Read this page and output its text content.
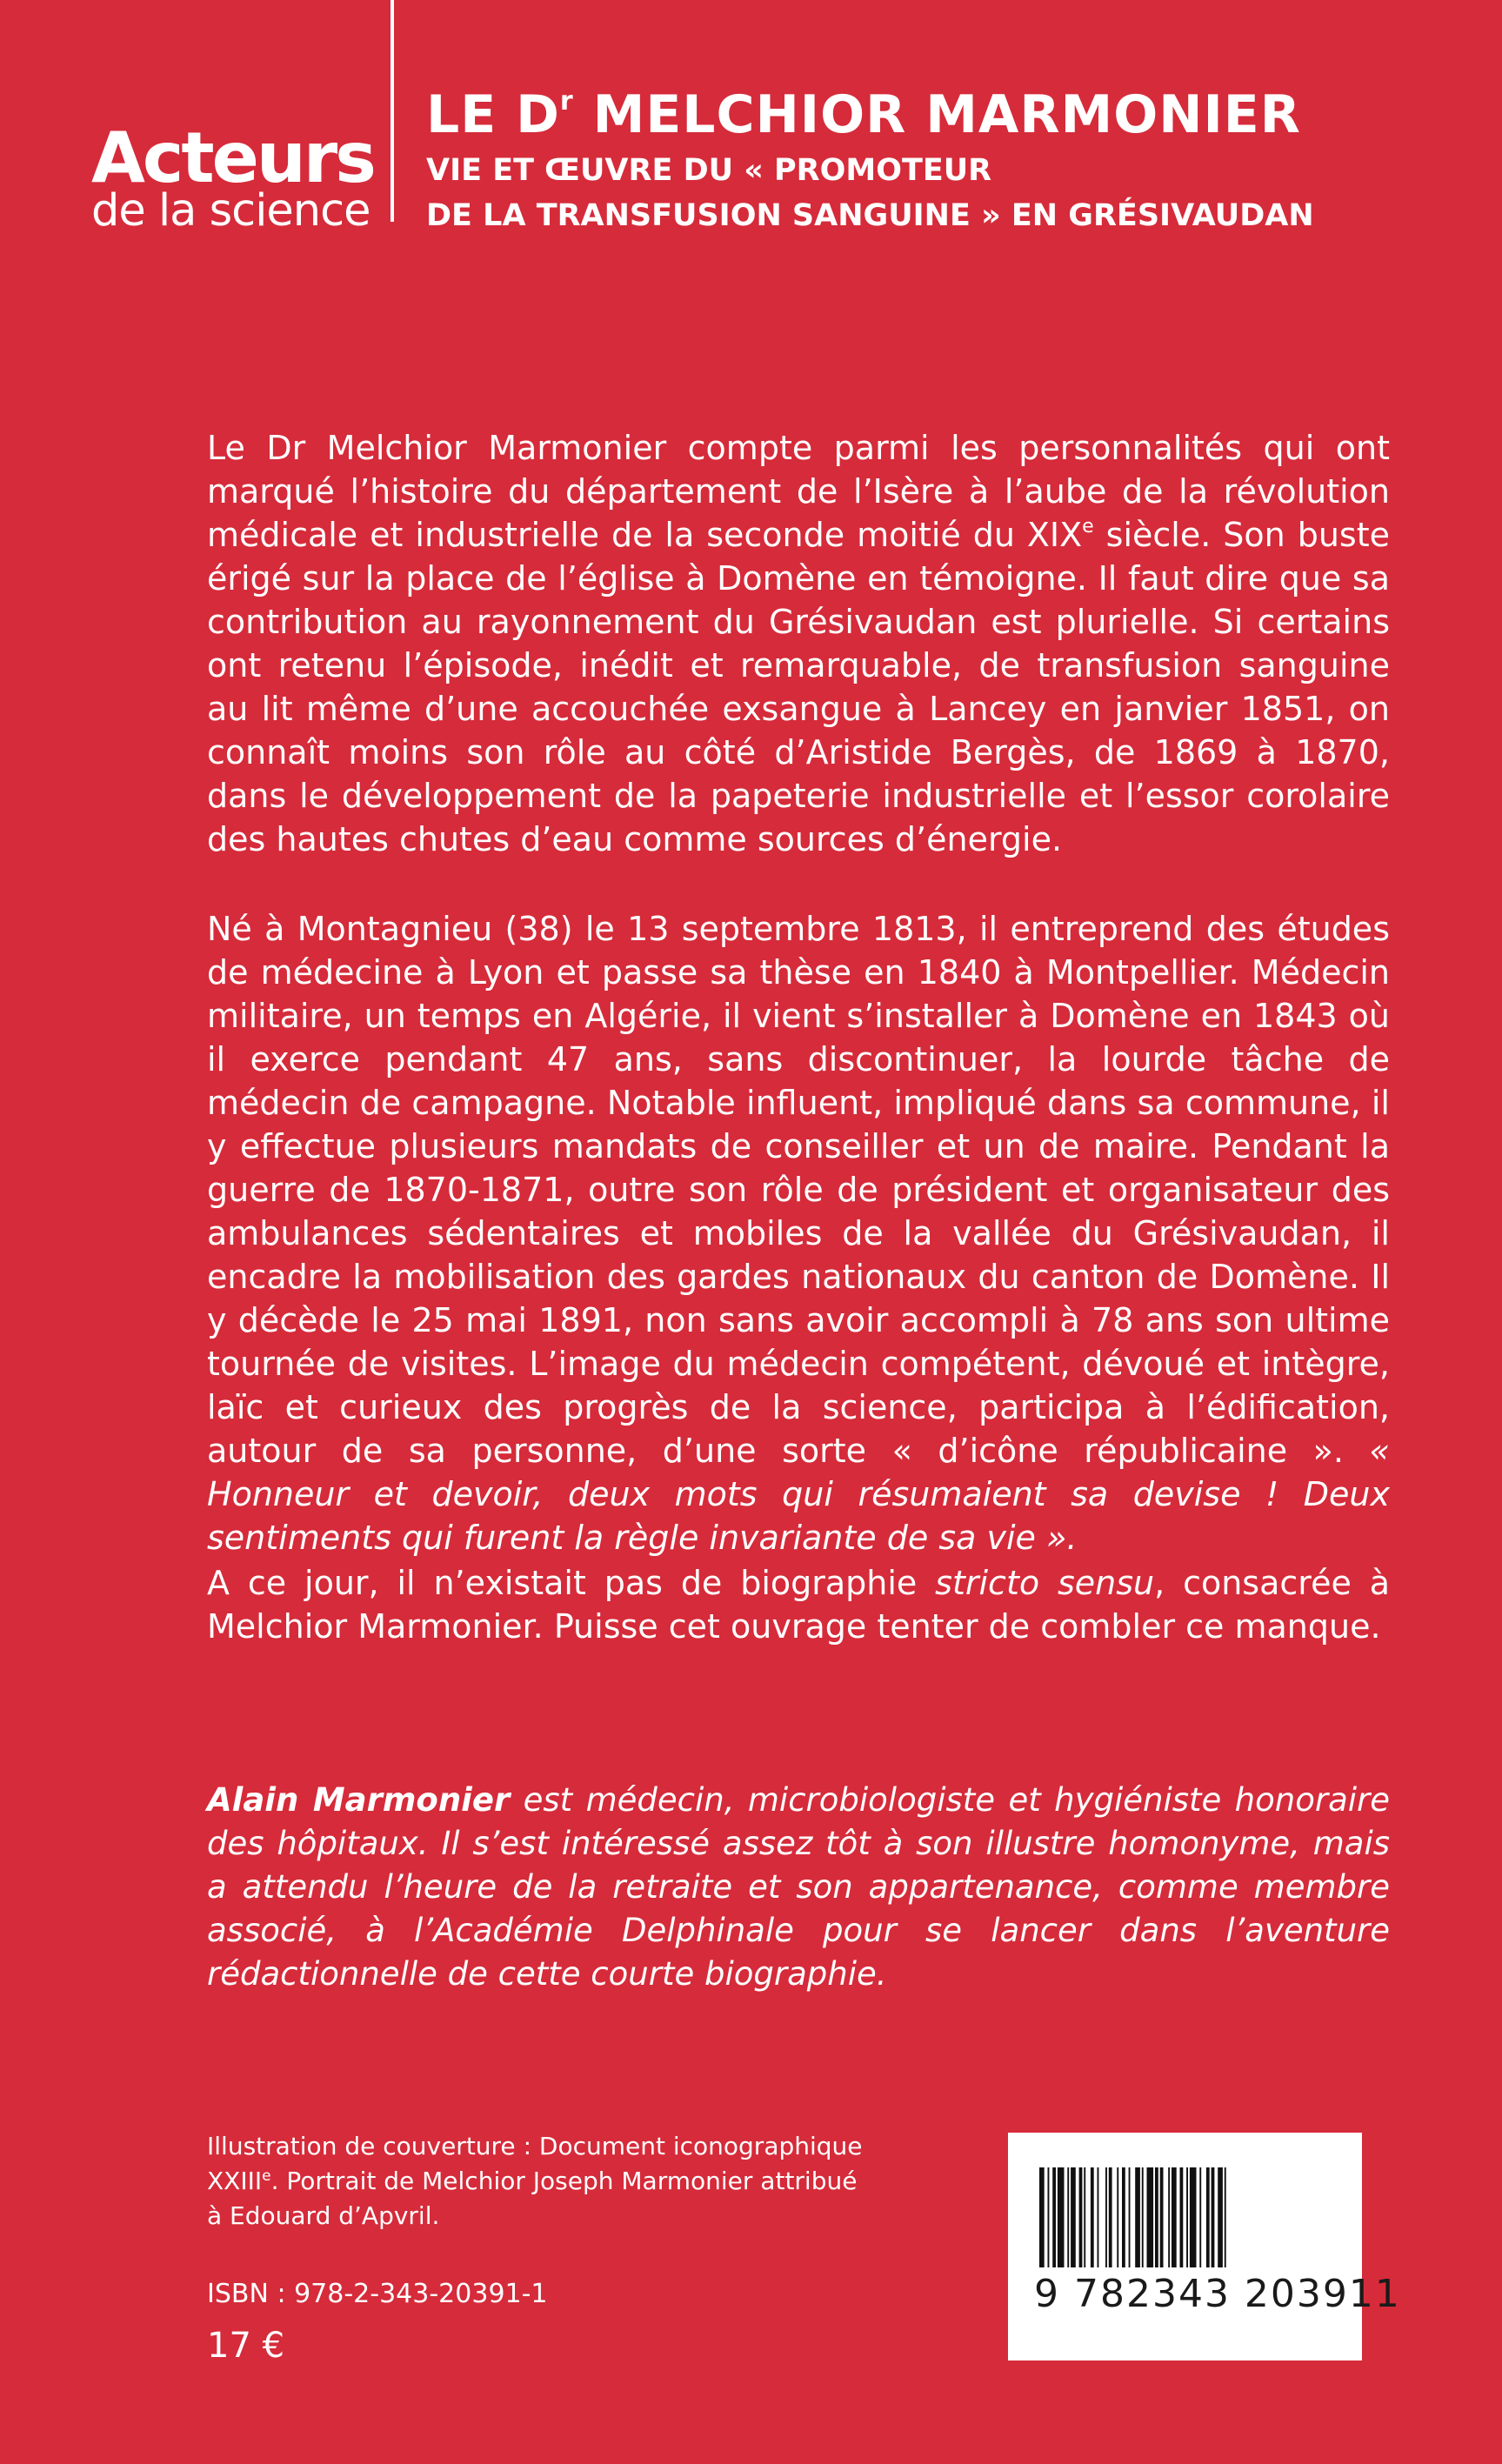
Acteurs
de la science
LE $D^r$ MELCHIOR MARMONIER
VIE ET ŒUVRE DU « PROMOTEUR
DE LA TRANSFUSION SANGUINE » EN GRÉSIVAUDAN

Le Dr Melchior Marmonier compte parmi les personnalités qui ont marqué l’histoire du département de l’Isère à l’aube de la révolution médicale et industrielle de la seconde moitié du XIXe siècle. Son buste érigé sur la place de l’église à Domène en témoigne. Il faut dire que sa contribution au rayonnement du Grésivaudan est plurielle. Si certains ont retenu l’épisode, inédit et remarquable, de transfusion sanguine au lit même d’une accouchée exsangue à Lancey en janvier 1851, on connaît moins son rôle au côté d’Aristide Bergès, de 1869 à 1870, dans le développement de la papeterie industrielle et l’essor corolaire des hautes chutes d’eau comme sources d’énergie.

Né à Montagnieu (38) le 13 septembre 1813, il entreprend des études de médecine à Lyon et passe sa thèse en 1840 à Montpellier. Médecin militaire, un temps en Algérie, il vient s’installer à Domène en 1843 où il exerce pendant 47 ans, sans discontinuer, la lourde tâche de médecin de campagne. Notable influent, impliqué dans sa commune, il y effectue plusieurs mandats de conseiller et un de maire. Pendant la guerre de 1870-1871, outre son rôle de président et organisateur des ambulances sédentaires et mobiles de la vallée du Grésivaudan, il encadre la mobilisation des gardes nationaux du canton de Domène. Il y décède le 25 mai 1891, non sans avoir accompli à 78 ans son ultime tournée de visites. L’image du médecin compétent, dévoué et intègre, laïc et curieux des progrès de la science, participa à l’édification, autour de sa personne, d’une sorte « d’icône républicaine ». « Honneur et devoir, deux mots qui résumaient sa devise ! Deux sentiments qui furent la règle invariante de sa vie ».

A ce jour, il n’existait pas de biographie stricto sensu, consacrée à Melchior Marmonier. Puisse cet ouvrage tenter de combler ce manque.

Alain Marmonier est médecin, microbiologiste et hygiéniste honoraire des hôpitaux. Il s’est intéressé assez tôt à son illustre homonyme, mais a attendu l’heure de la retraite et son appartenance, comme membre associé, à l’Académie Delphinale pour se lancer dans l’aventure rédactionnelle de cette courte biographie.

Illustration de couverture : Document iconographique XXIIIe. Portrait de Melchior Joseph Marmonier attribué à Edouard d’Apvril.
ISBN : 978-2-343-20391-1
17 €
9 782343 203911
